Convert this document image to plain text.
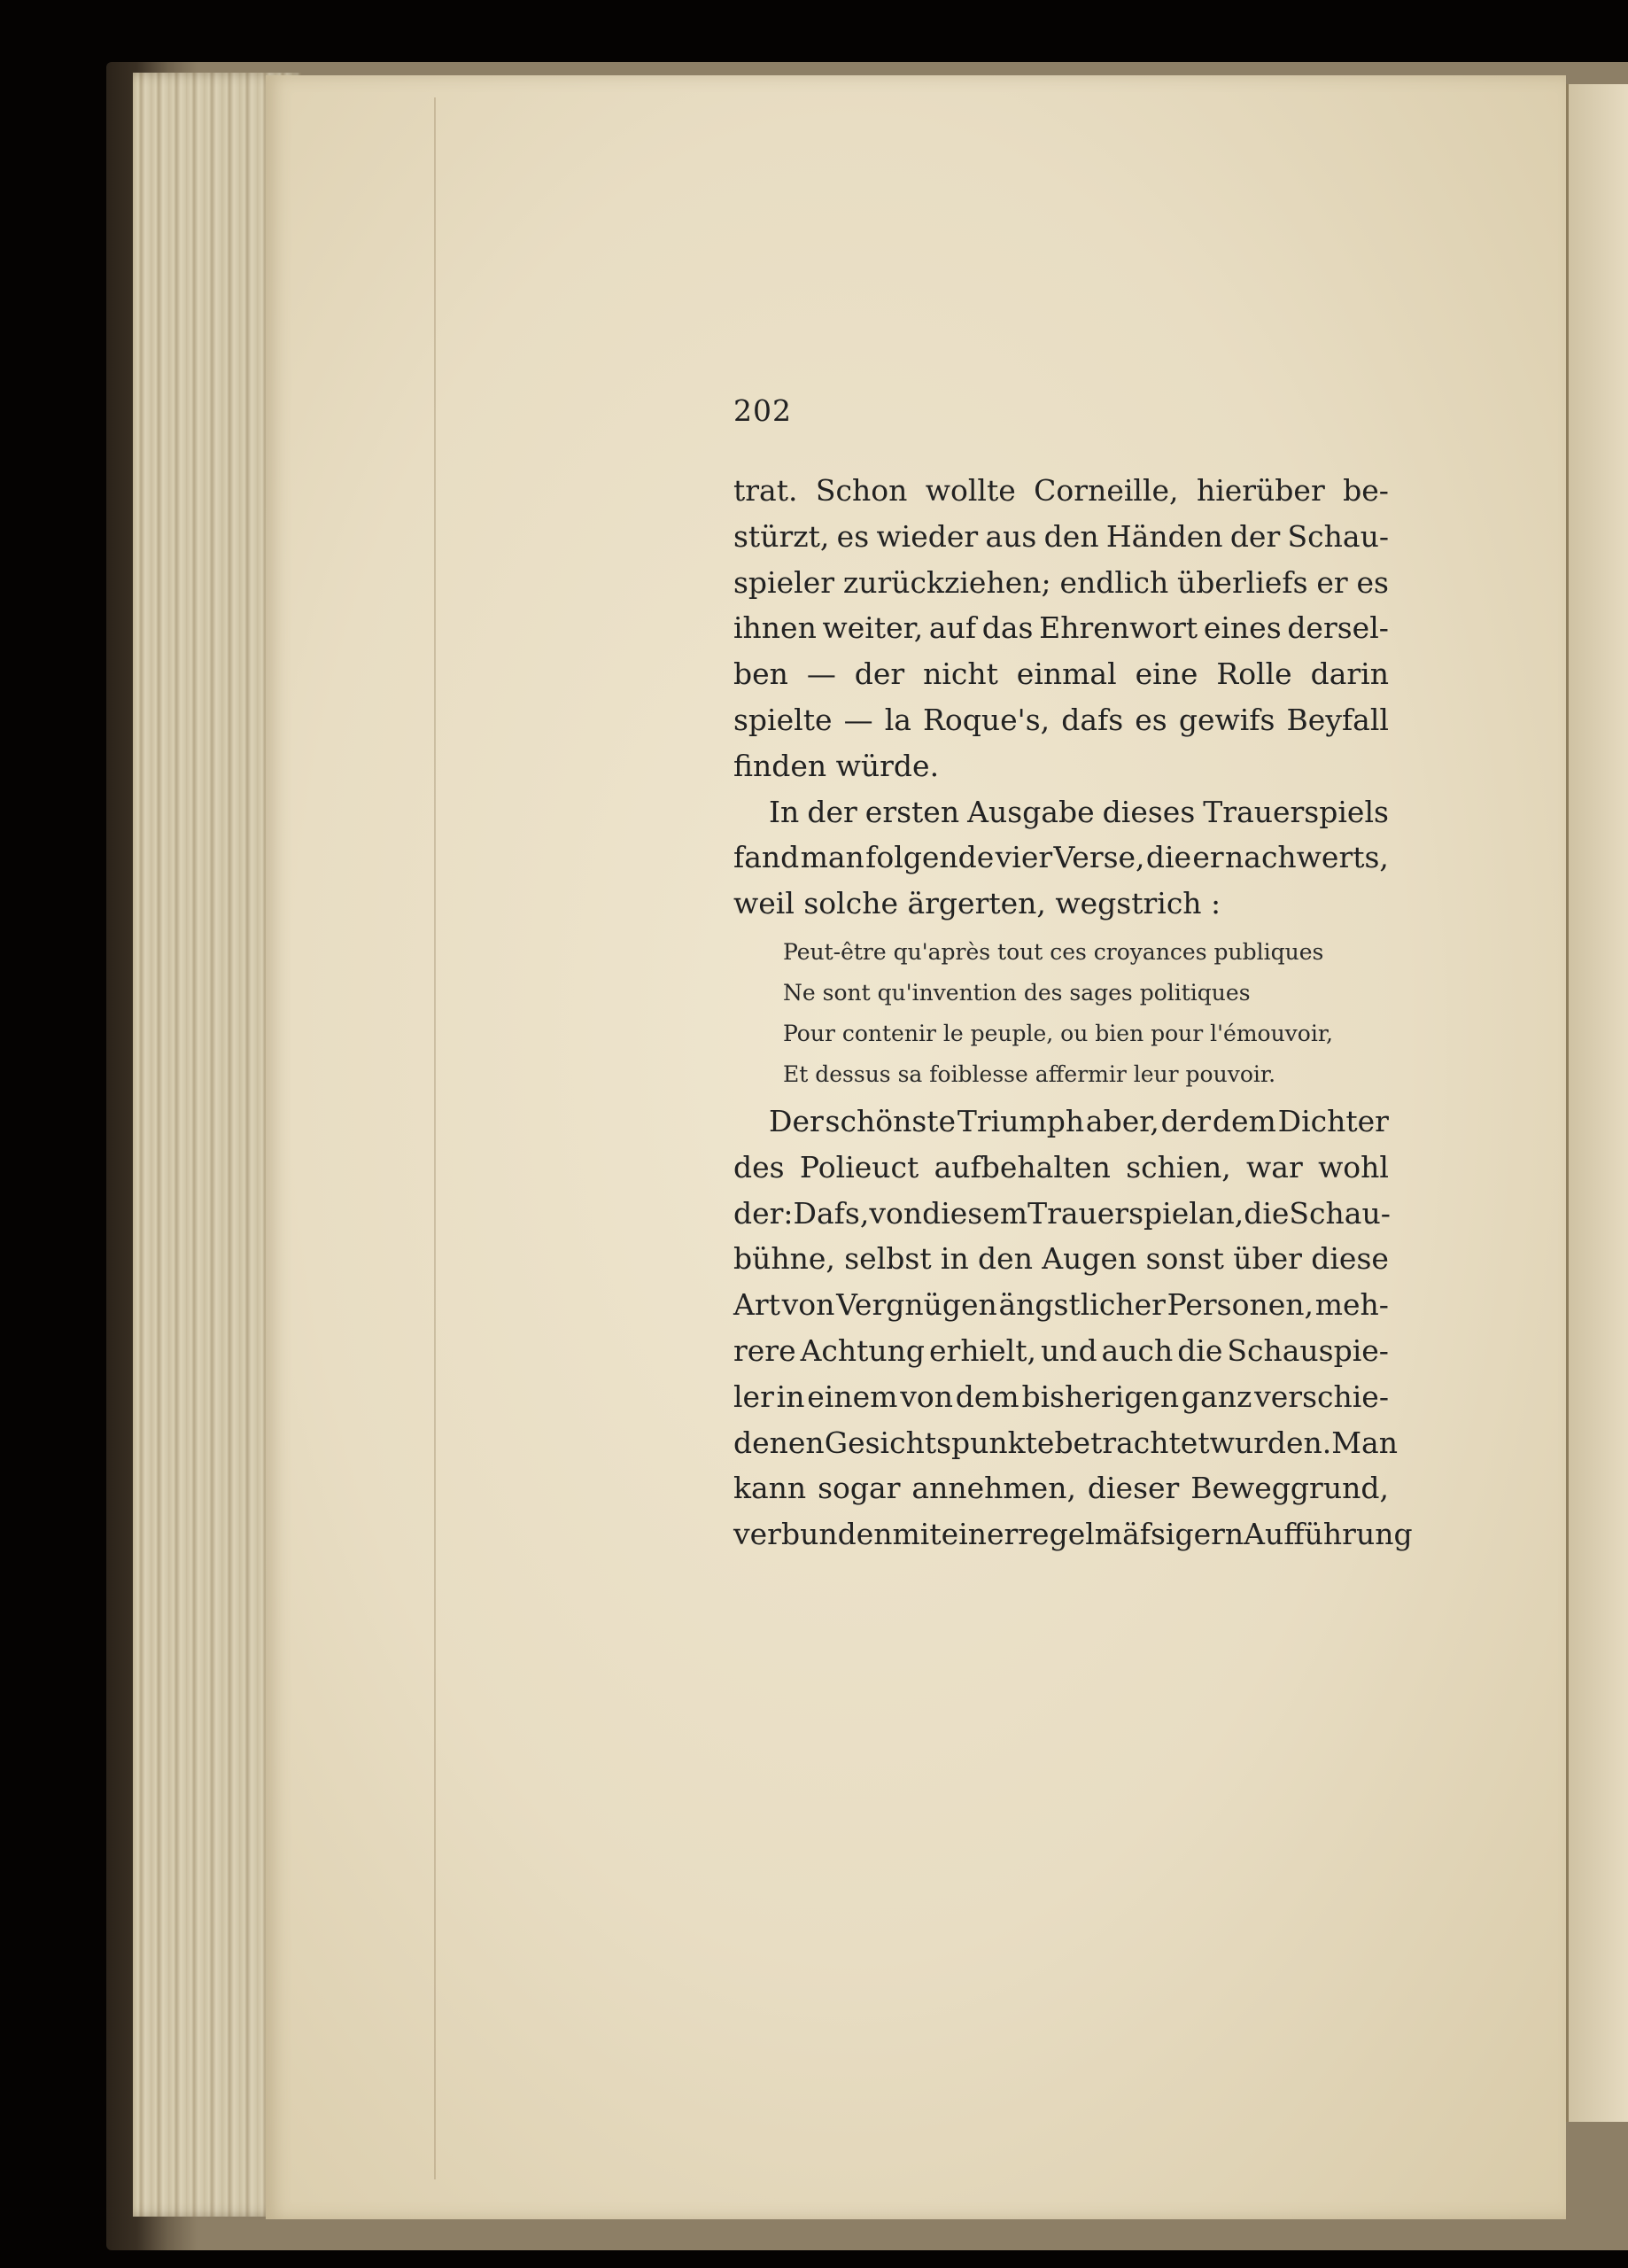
202
trat. Schon wollte Corneille, hierüber be-
stürzt, es wieder aus den Händen der Schau-
spieler zurückziehen; endlich überliefs er es
ihnen weiter, auf das Ehrenwort eines dersel-
ben — der nicht einmal eine Rolle darin
spielte — la Roque's, dafs es gewifs Beyfall
finden würde.
In der ersten Ausgabe dieses Trauerspiels
fand man folgende vier Verse, die er nachwerts,
weil solche ärgerten, wegstrich :
Peut-être qu'après tout ces croyances publiques
Ne sont qu'invention des sages politiques
Pour contenir le peuple, ou bien pour l'émouvoir,
Et dessus sa foiblesse affermir leur pouvoir.
Der schönste Triumph aber, der dem Dichter
des Polieuct aufbehalten schien, war wohl
der: Dafs, von diesem Trauerspiel an, die Schau-
bühne, selbst in den Augen sonst über diese
Art von Vergnügen ängstlicher Personen, meh-
rere Achtung erhielt, und auch die Schauspie-
ler in einem von dem bisherigen ganz verschie-
denen Gesichtspunkte betrachtet wurden. Man
kann sogar annehmen, dieser Beweggrund,
verbunden mit einer regelmäfsigern Aufführung
